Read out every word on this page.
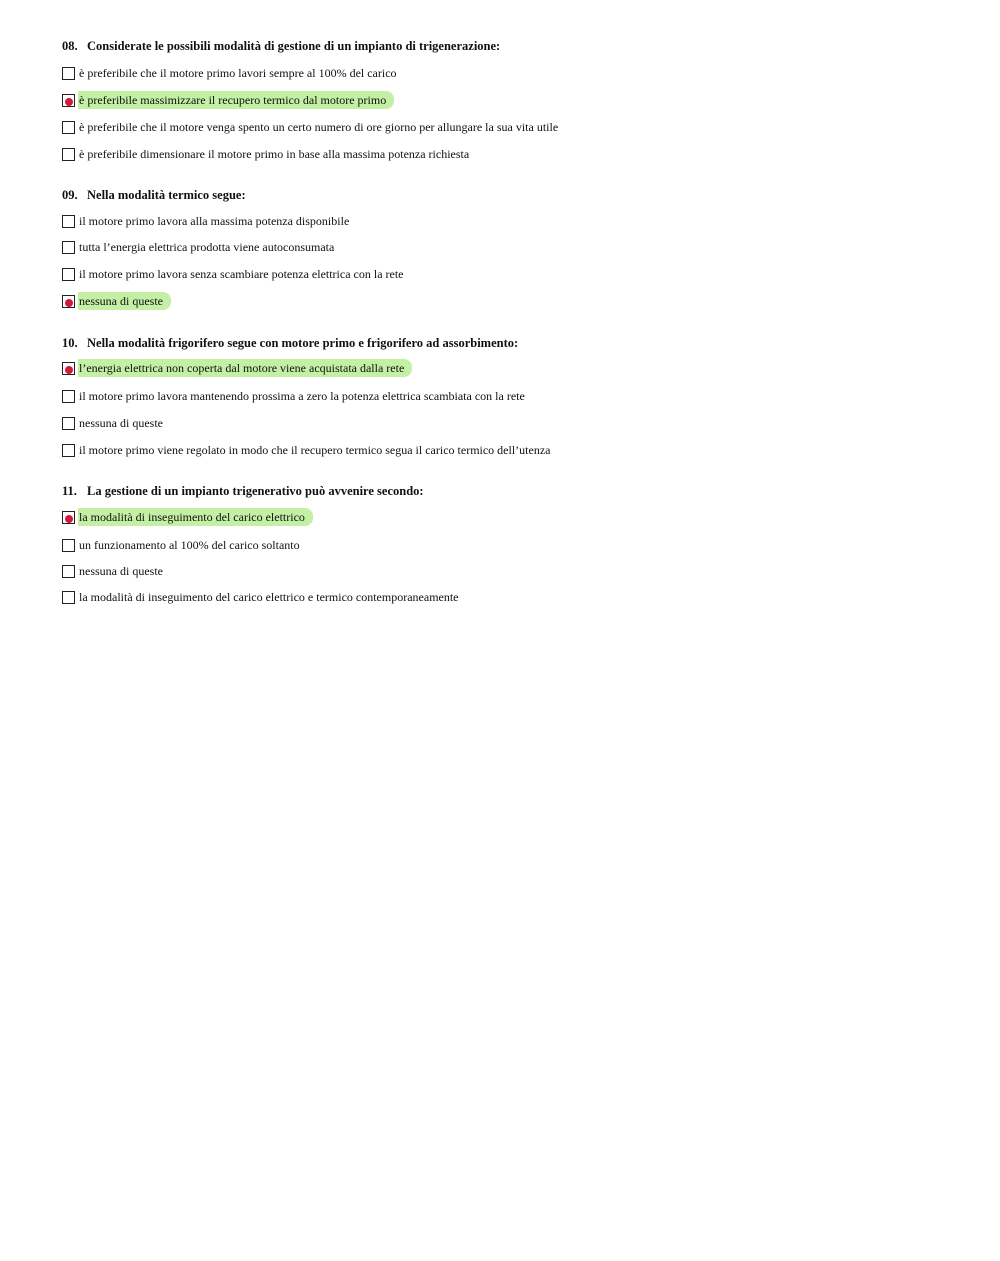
08. Considerate le possibili modalità di gestione di un impianto di trigenerazione:
è preferibile che il motore primo lavori sempre al 100% del carico
è preferibile massimizzare il recupero termico dal motore primo
è preferibile che il motore venga spento un certo numero di ore giorno per allungare la sua vita utile
è preferibile dimensionare il motore primo in base alla massima potenza richiesta
09. Nella modalità termico segue:
il motore primo lavora alla massima potenza disponibile
tutta l’energia elettrica prodotta viene autoconsumata
il motore primo lavora senza scambiare potenza elettrica con la rete
nessuna di queste
10. Nella modalità frigorifero segue con motore primo e frigorifero ad assorbimento:
l’energia elettrica non coperta dal motore viene acquistata dalla rete
il motore primo lavora mantenendo prossima a zero la potenza elettrica scambiata con la rete
nessuna di queste
il motore primo viene regolato in modo che il recupero termico segua il carico termico dell’utenza
11. La gestione di un impianto trigenerativo può avvenire secondo:
la modalità di inseguimento del carico elettrico
un funzionamento al 100% del carico soltanto
nessuna di queste
la modalità di inseguimento del carico elettrico e termico contemporaneamente
